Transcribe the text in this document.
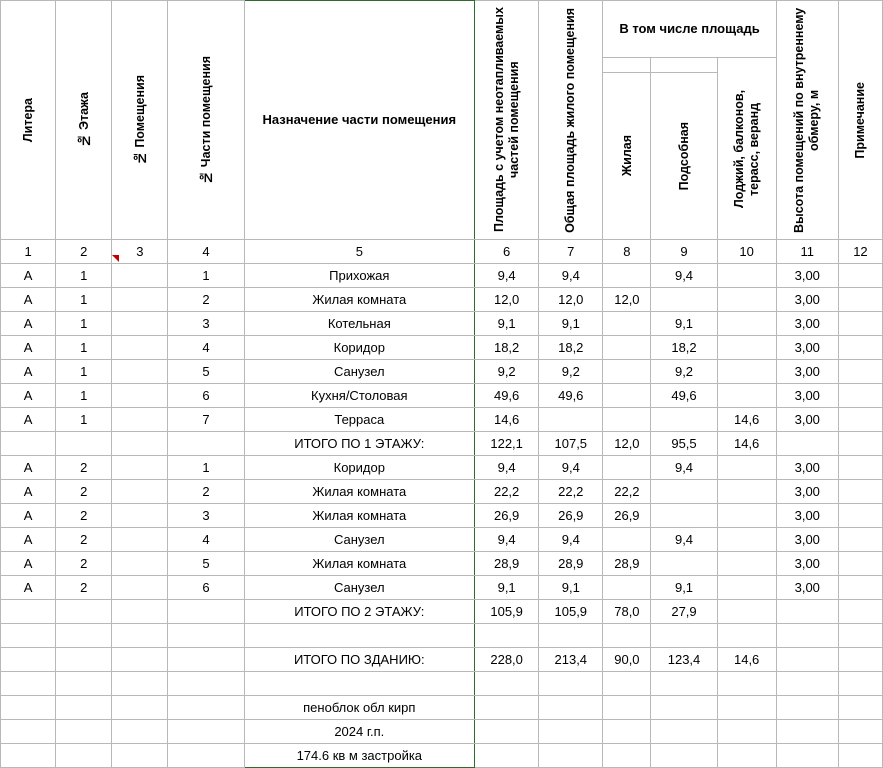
Литера	№ Этажа	№ Помещения	№ Части помещения	Назначение части помещения	Площадь с учетом неотапливаемых частей помещения	Общая площадь жилого помещения	В том числе площадь			Высота помещений по внутреннему обмеру, м	Примечание

									Лоджий, балконов, терасс, веранд		

							Жилая	Подсобная			

1	2	3	4	5	6	7	8	9	10	11	12
А	1		1	Прихожая	9,4	9,4		9,4		3,00	
А	1		2	Жилая комната	12,0	12,0	12,0			3,00	
А	1		3	Котельная	9,1	9,1		9,1		3,00	
А	1		4	Коридор	18,2	18,2		18,2		3,00	
А	1		5	Санузел	9,2	9,2		9,2		3,00	
А	1		6	Кухня/Столовая	49,6	49,6		49,6		3,00	
А	1		7	Терраса	14,6				14,6	3,00	
				ИТОГО ПО 1 ЭТАЖУ:	122,1	107,5	12,0	95,5	14,6		
А	2		1	Коридор	9,4	9,4		9,4		3,00	
А	2		2	Жилая комната	22,2	22,2	22,2			3,00	
А	2		3	Жилая комната	26,9	26,9	26,9			3,00	
А	2		4	Санузел	9,4	9,4		9,4		3,00	
А	2		5	Жилая комната	28,9	28,9	28,9			3,00	
А	2		6	Санузел	9,1	9,1		9,1		3,00	
				ИТОГО ПО 2 ЭТАЖУ:	105,9	105,9	78,0	27,9			

				ИТОГО ПО ЗДАНИЮ:	228,0	213,4	90,0	123,4	14,6		

				пеноблок обл кирп							
				2024 г.п.							
				174.6 кв м застройка							
